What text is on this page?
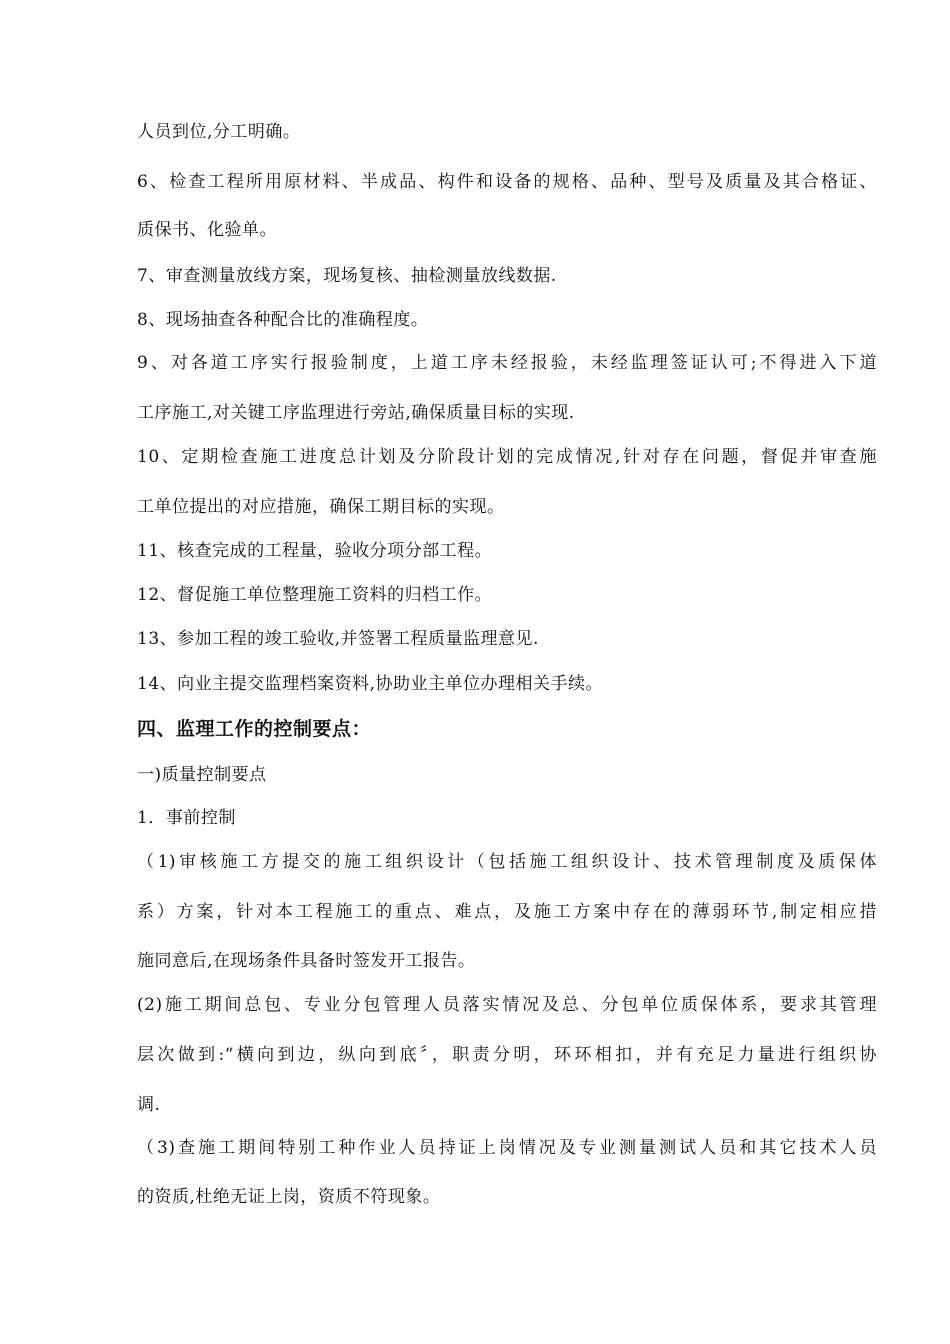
人员到位,分工明确。
6、检查工程所用原材料、半成品、构件和设备的规格、品种、型号及质量及其合格证、
质保书、化验单。
7、审查测量放线方案，现场复核、抽检测量放线数据.
8、现场抽查各种配合比的准确程度。
9、对各道工序实行报验制度，上道工序未经报验，未经监理签证认可;不得进入下道
工序施工,对关键工序监理进行旁站,确保质量目标的实现.
10、定期检查施工进度总计划及分阶段计划的完成情况,针对存在问题，督促并审查施
工单位提出的对应措施，确保工期目标的实现。
11、核查完成的工程量，验收分项分部工程。
12、督促施工单位整理施工资料的归档工作。
13、参加工程的竣工验收,并签署工程质量监理意见.
14、向业主提交监理档案资料,协助业主单位办理相关手续。
四、监理工作的控制要点：
一)质量控制要点
1．事前控制
（1)审核施工方提交的施工组织设计（包括施工组织设计、技术管理制度及质保体
系）方案，针对本工程施工的重点、难点，及施工方案中存在的薄弱环节,制定相应措
施同意后,在现场条件具备时签发开工报告。
(2)施工期间总包、专业分包管理人员落实情况及总、分包单位质保体系，要求其管理
层次做到:“横向到边，纵向到底〞，职责分明，环环相扣，并有充足力量进行组织协
调.
（3)查施工期间特别工种作业人员持证上岗情况及专业测量测试人员和其它技术人员
的资质,杜绝无证上岗，资质不符现象。
